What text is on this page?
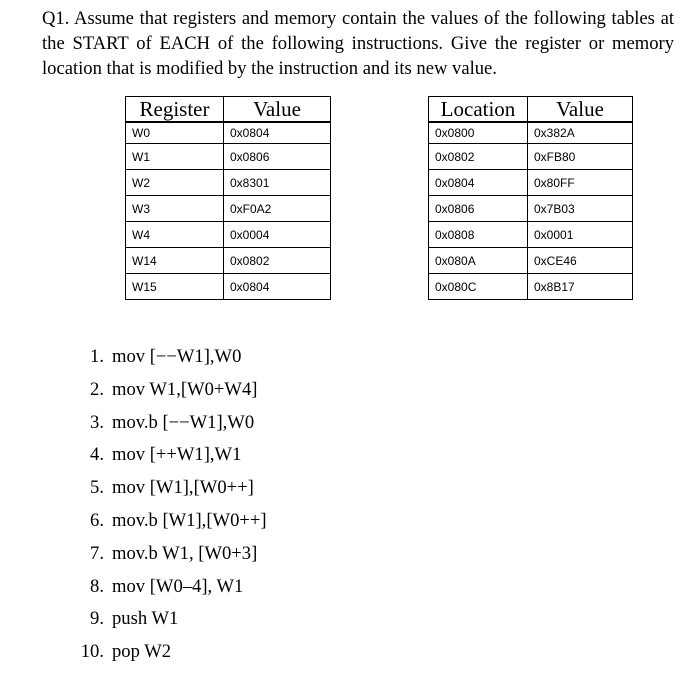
Q1. Assume that registers and memory contain the values of the following tables at the START of EACH of the following instructions. Give the register or memory location that is modified by the instruction and its new value.
Register	Value
W0	0x0804
W1	0x0806
W2	0x8301
W3	0xF0A2
W4	0x0004
W14	0x0802
W15	0x0804
Location	Value
0x0800	0x382A
0x0802	0xFB80
0x0804	0x80FF
0x0806	0x7B03
0x0808	0x0001
0x080A	0xCE46
0x080C	0x8B17
1. mov [−−W1],W0
2. mov W1,[W0+W4]
3. mov.b [−−W1],W0
4. mov [++W1],W1
5. mov [W1],[W0++]
6. mov.b [W1],[W0++]
7. mov.b W1, [W0+3]
8. mov [W0–4], W1
9. push W1
10. pop W2
